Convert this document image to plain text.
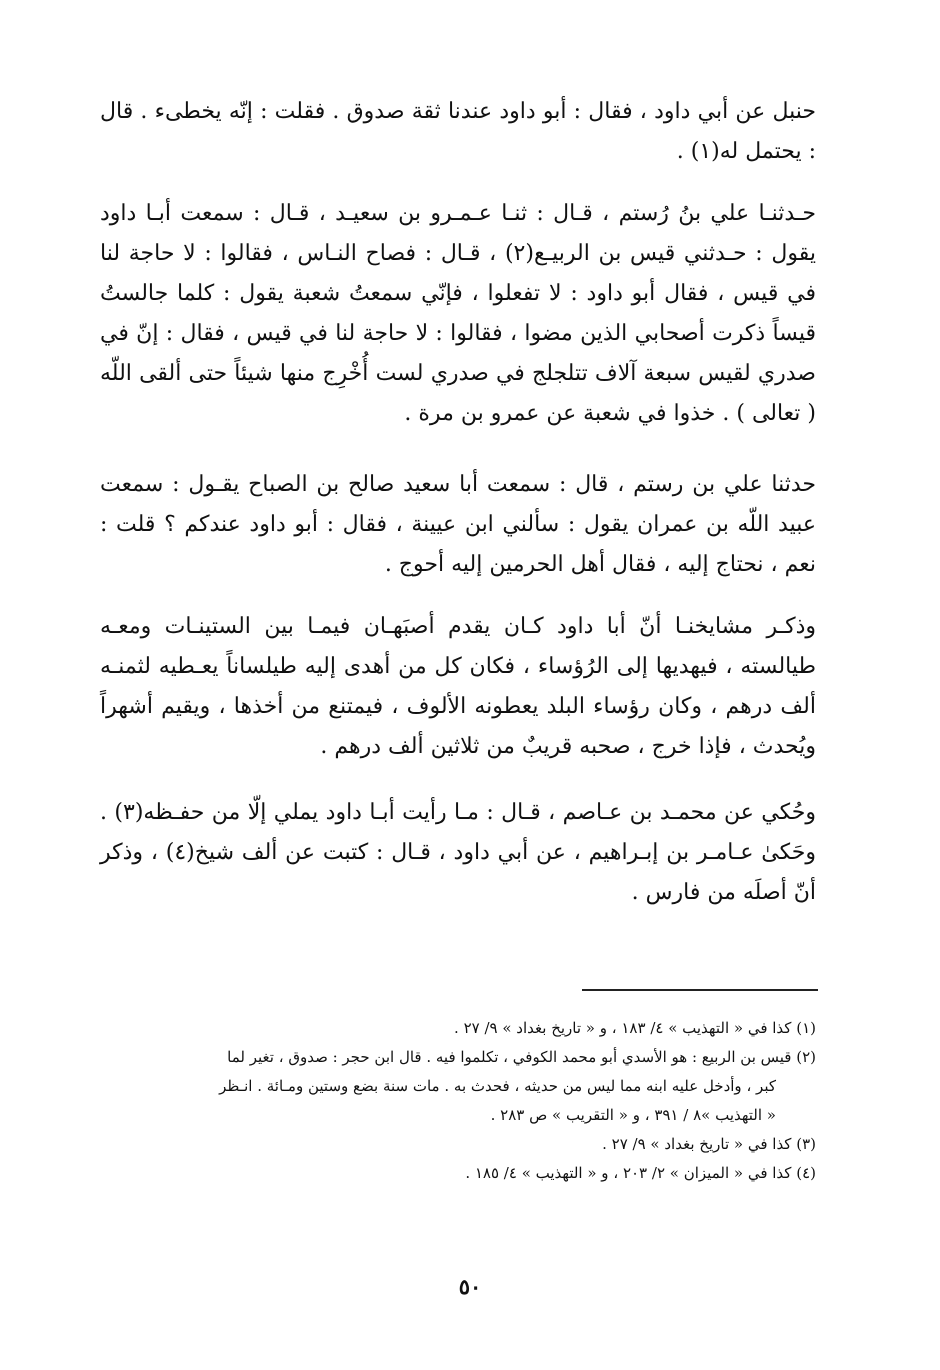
حنبل عن أبي داود ، فقال : أبو داود عندنا ثقة صدوق . فقلت : إنّه يخطىء . قال : يحتمل له(١) .

حـدثنـا علي بنُ رُستم ، قـال : ثنـا عـمـرو بن سعيـد ، قـال : سمعت أبـا داود يقول : حـدثني قيس بن الربيـع(٢) ، قـال : فصاح النـاس ، فقالوا : لا حاجة لنا في قيس ، فقال أبو داود : لا تفعلوا ، فإنّي سمعتُ شعبة يقول : كلما جالستُ قيساً ذكرت أصحابي الذين مضوا ، فقالوا : لا حاجة لنا في قيس ، فقال : إنّ في صدري لقيس سبعة آلاف تتلجلج في صدري لست أُخْرِج منها شيئاً حتى ألقى اللّه ( تعالى ) . خذوا في شعبة عن عمرو بن مرة .

حدثنا علي بن رستم ، قال : سمعت أبا سعيد صالح بن الصباح يقـول : سمعت عبيد اللّه بن عمران يقول : سألني ابن عيينة ، فقال : أبو داود عندكم ؟ قلت : نعم ، نحتاج إليه ، فقال أهل الحرمين إليه أحوج .

وذكـر مشايخنـا أنّ أبا داود كـان يقدم أصبَهـان فيمـا بين الستينـات ومعـه طيالسته ، فيهديها إلى الرُؤساء ، فكان كل من أهدى إليه طيلساناً يعـطيه لثمنـه ألف درهم ، وكان رؤساء البلد يعطونه الألوف ، فيمتنع من أخذها ، ويقيم أشهراً ويُحدث ، فإذا خرج ، صحبه قريبٌ من ثلاثين ألف درهم .

وحُكي عن محمـد بن عـاصم ، قـال : مـا رأيت أبـا داود يملي إلّا من حفـظه(٣) . وحَكىٰ عـامـر بن إبـراهيم ، عن أبي داود ، قـال : كتبت عن ألف شيخ(٤) ، وذكر أنّ أصلَه من فارس .

(١) كذا في « التهذيب » ٤/ ١٨٣ ، و « تاريخ بغداد » ٩/ ٢٧ .

(٢) قيس بن الربيع : هو الأسدي أبو محمد الكوفي ، تكلموا فيه . قال ابن حجر : صدوق ، تغير لما

كبر ، وأدخل عليه ابنه مما ليس من حديثه ، فحدث به . مات سنة بضع وستين ومـائة . انـظر

« التهذيب »٨ / ٣٩١ ، و « التقريب » ص ٢٨٣ .

(٣) كذا في « تاريخ بغداد » ٩/ ٢٧ .

(٤) كذا في « الميزان » ٢/ ٢٠٣ ، و « التهذيب » ٤/ ١٨٥ .

٥٠
